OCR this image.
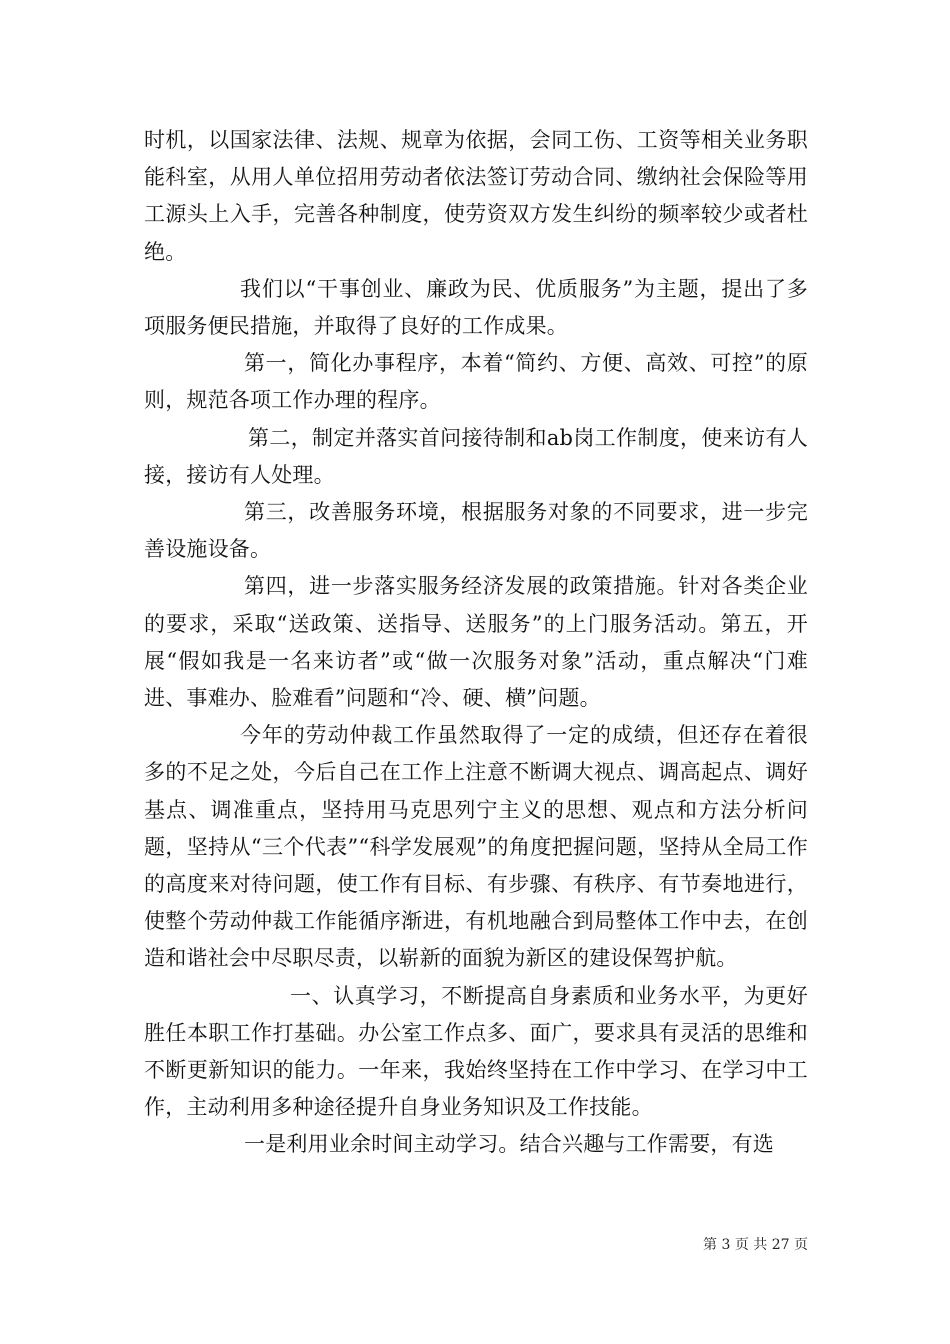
时机，以国家法律、法规、规章为依据，会同工伤、工资等相关业务职能科室，从用人单位招用劳动者依法签订劳动合同、缴纳社会保险等用工源头上入手，完善各种制度，使劳资双方发生纠纷的频率较少或者杜绝。

我们以“干事创业、廉政为民、优质服务”为主题，提出了多项服务便民措施，并取得了良好的工作成果。

第一，简化办事程序，本着“简约、方便、高效、可控”的原则，规范各项工作办理的程序。

第二，制定并落实首问接待制和ab岗工作制度，使来访有人接，接访有人处理。

第三，改善服务环境，根据服务对象的不同要求，进一步完善设施设备。

第四，进一步落实服务经济发展的政策措施。针对各类企业的要求，采取“送政策、送指导、送服务”的上门服务活动。第五，开展“假如我是一名来访者”或“做一次服务对象”活动，重点解决“门难进、事难办、脸难看”问题和“冷、硬、横”问题。

今年的劳动仲裁工作虽然取得了一定的成绩，但还存在着很多的不足之处，今后自己在工作上注意不断调大视点、调高起点、调好基点、调准重点，坚持用马克思列宁主义的思想、观点和方法分析问题，坚持从“三个代表”“科学发展观”的角度把握问题，坚持从全局工作的高度来对待问题，使工作有目标、有步骤、有秩序、有节奏地进行，使整个劳动仲裁工作能循序渐进，有机地融合到局整体工作中去，在创造和谐社会中尽职尽责，以崭新的面貌为新区的建设保驾护航。

一、认真学习，不断提高自身素质和业务水平，为更好胜任本职工作打基础。办公室工作点多、面广，要求具有灵活的思维和不断更新知识的能力。一年来，我始终坚持在工作中学习、在学习中工作，主动利用多种途径提升自身业务知识及工作技能。

一是利用业余时间主动学习。结合兴趣与工作需要，有选

第 3 页 共 27 页
